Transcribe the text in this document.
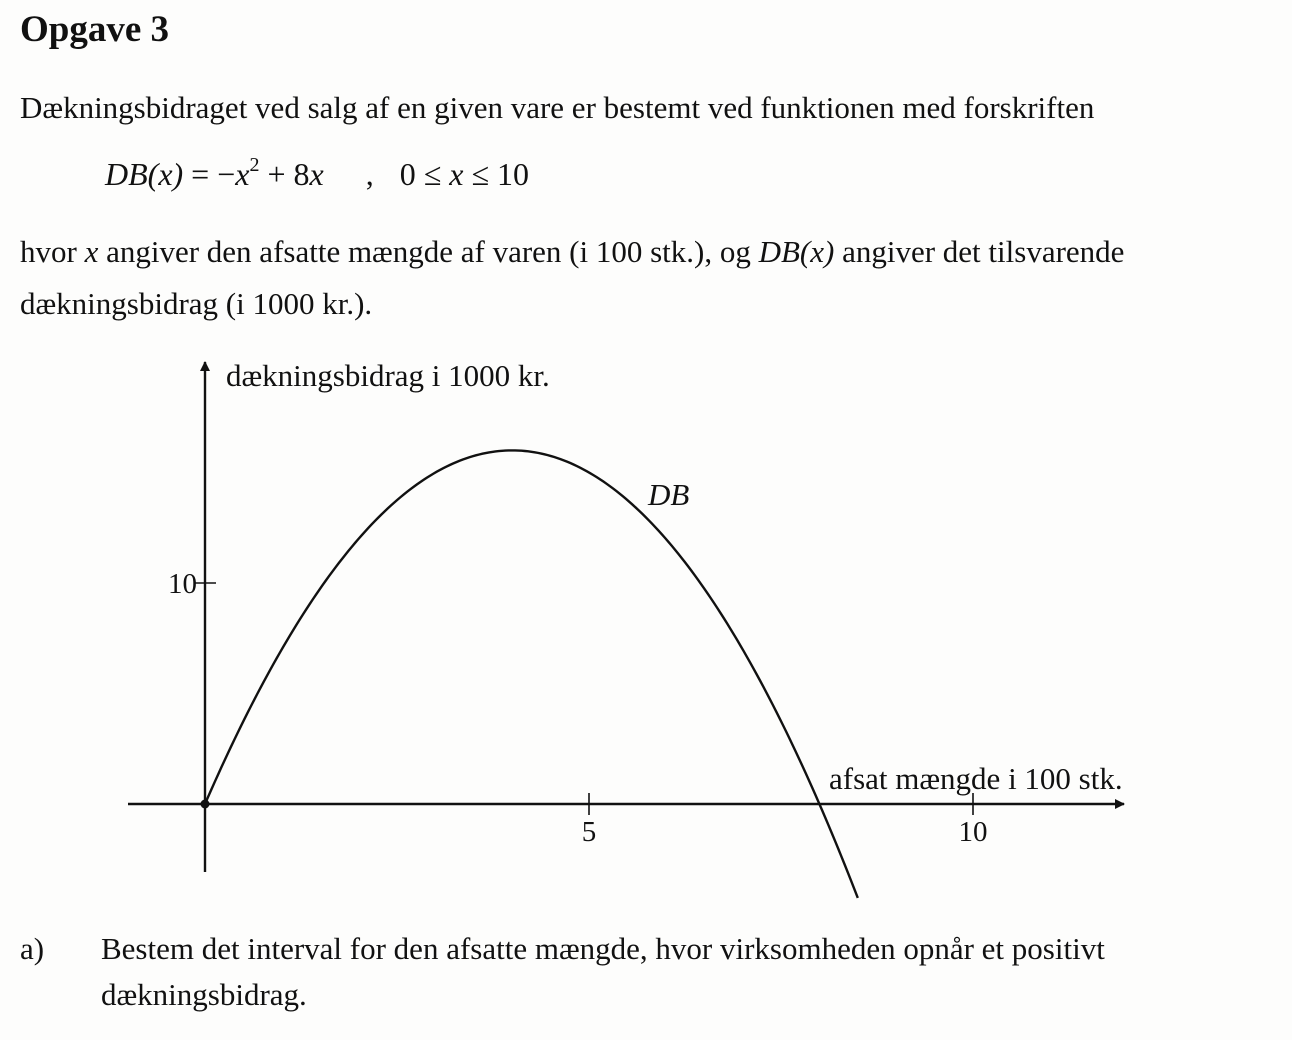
Opgave 3

Dækningsbidraget ved salg af en given vare er bestemt ved funktionen med forskriften

$DB(x) = -x^2 + 8x$ , 0 ≤ x ≤ 10
hvor x angiver den afsatte mængde af varen (i 100 stk.), og DB(x) angiver det tilsvarende
dækningsbidrag (i 1000 kr.).
5	10
10
dækningsbidrag i 1000 kr.
afsat mængde i 100 stk.
DB
a) Bestem det interval for den afsatte mængde, hvor virksomheden opnår et positivt
dækningsbidrag.
